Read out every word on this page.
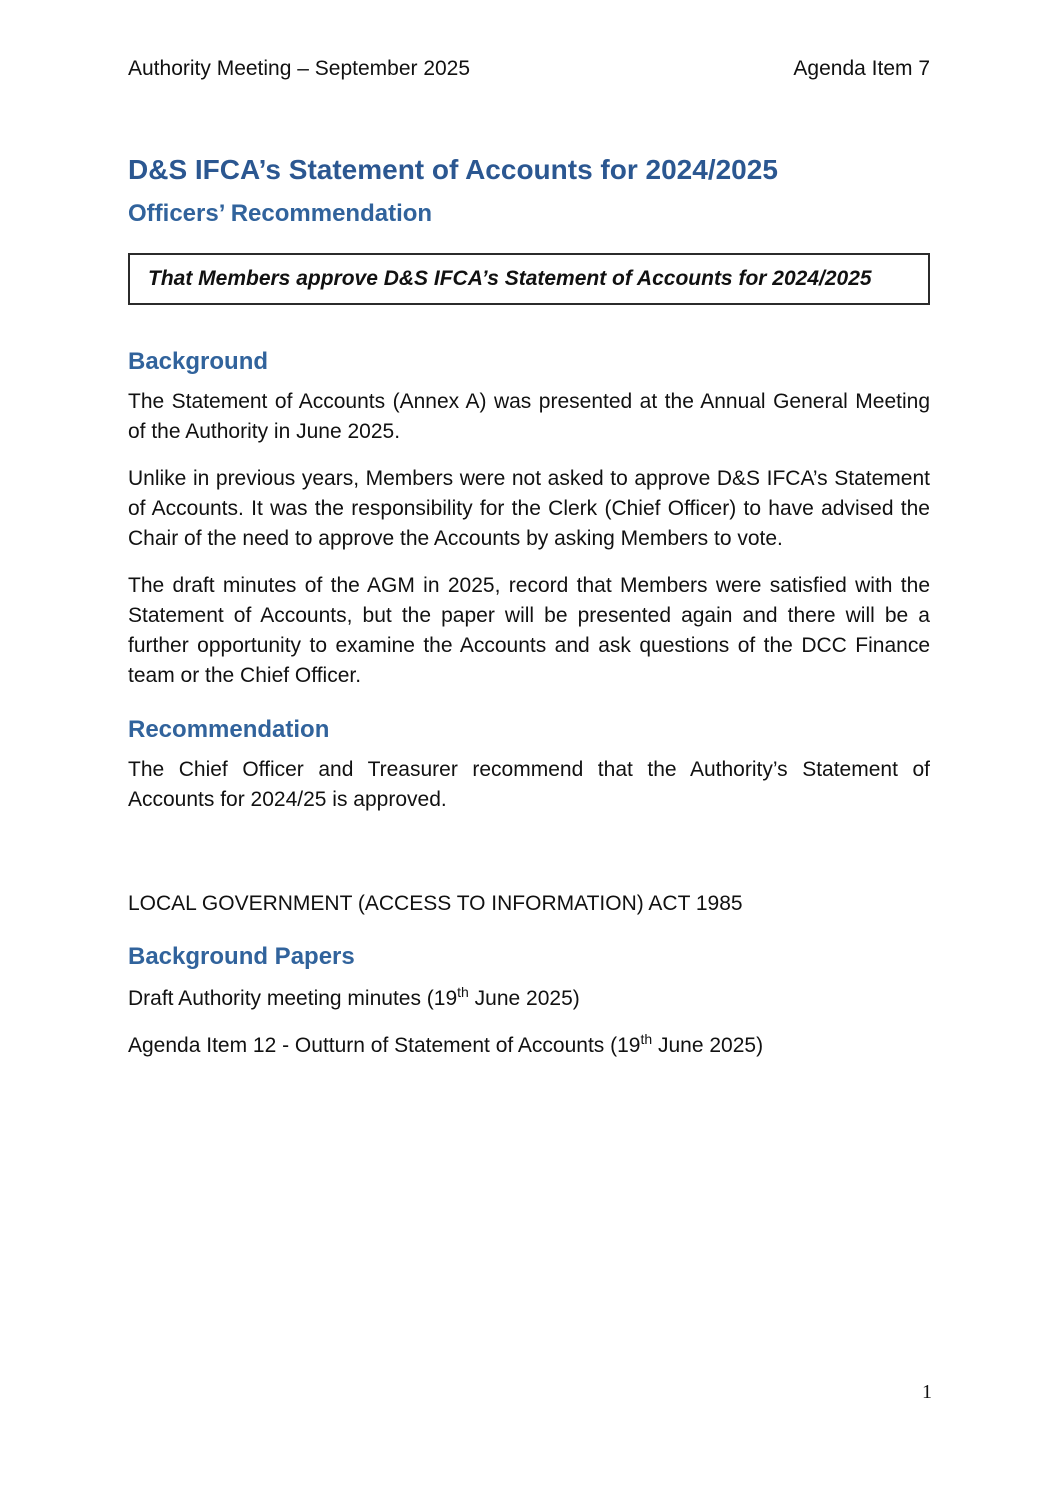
Authority Meeting – September 2025	Agenda Item 7
D&S IFCA’s Statement of Accounts for 2024/2025
Officers’ Recommendation
That Members approve D&S IFCA’s Statement of Accounts for 2024/2025
Background

The Statement of Accounts (Annex A) was presented at the Annual General Meeting of the Authority in June 2025.

Unlike in previous years, Members were not asked to approve D&S IFCA’s Statement of Accounts. It was the responsibility for the Clerk (Chief Officer) to have advised the Chair of the need to approve the Accounts by asking Members to vote.

The draft minutes of the AGM in 2025, record that Members were satisfied with the Statement of Accounts, but the paper will be presented again and there will be a further opportunity to examine the Accounts and ask questions of the DCC Finance team or the Chief Officer.

Recommendation

The Chief Officer and Treasurer recommend that the Authority’s Statement of Accounts for 2024/25 is approved.

LOCAL GOVERNMENT (ACCESS TO INFORMATION) ACT 1985

Background Papers

Draft Authority meeting minutes (19th June 2025)

Agenda Item 12 - Outturn of Statement of Accounts (19th June 2025)

1
